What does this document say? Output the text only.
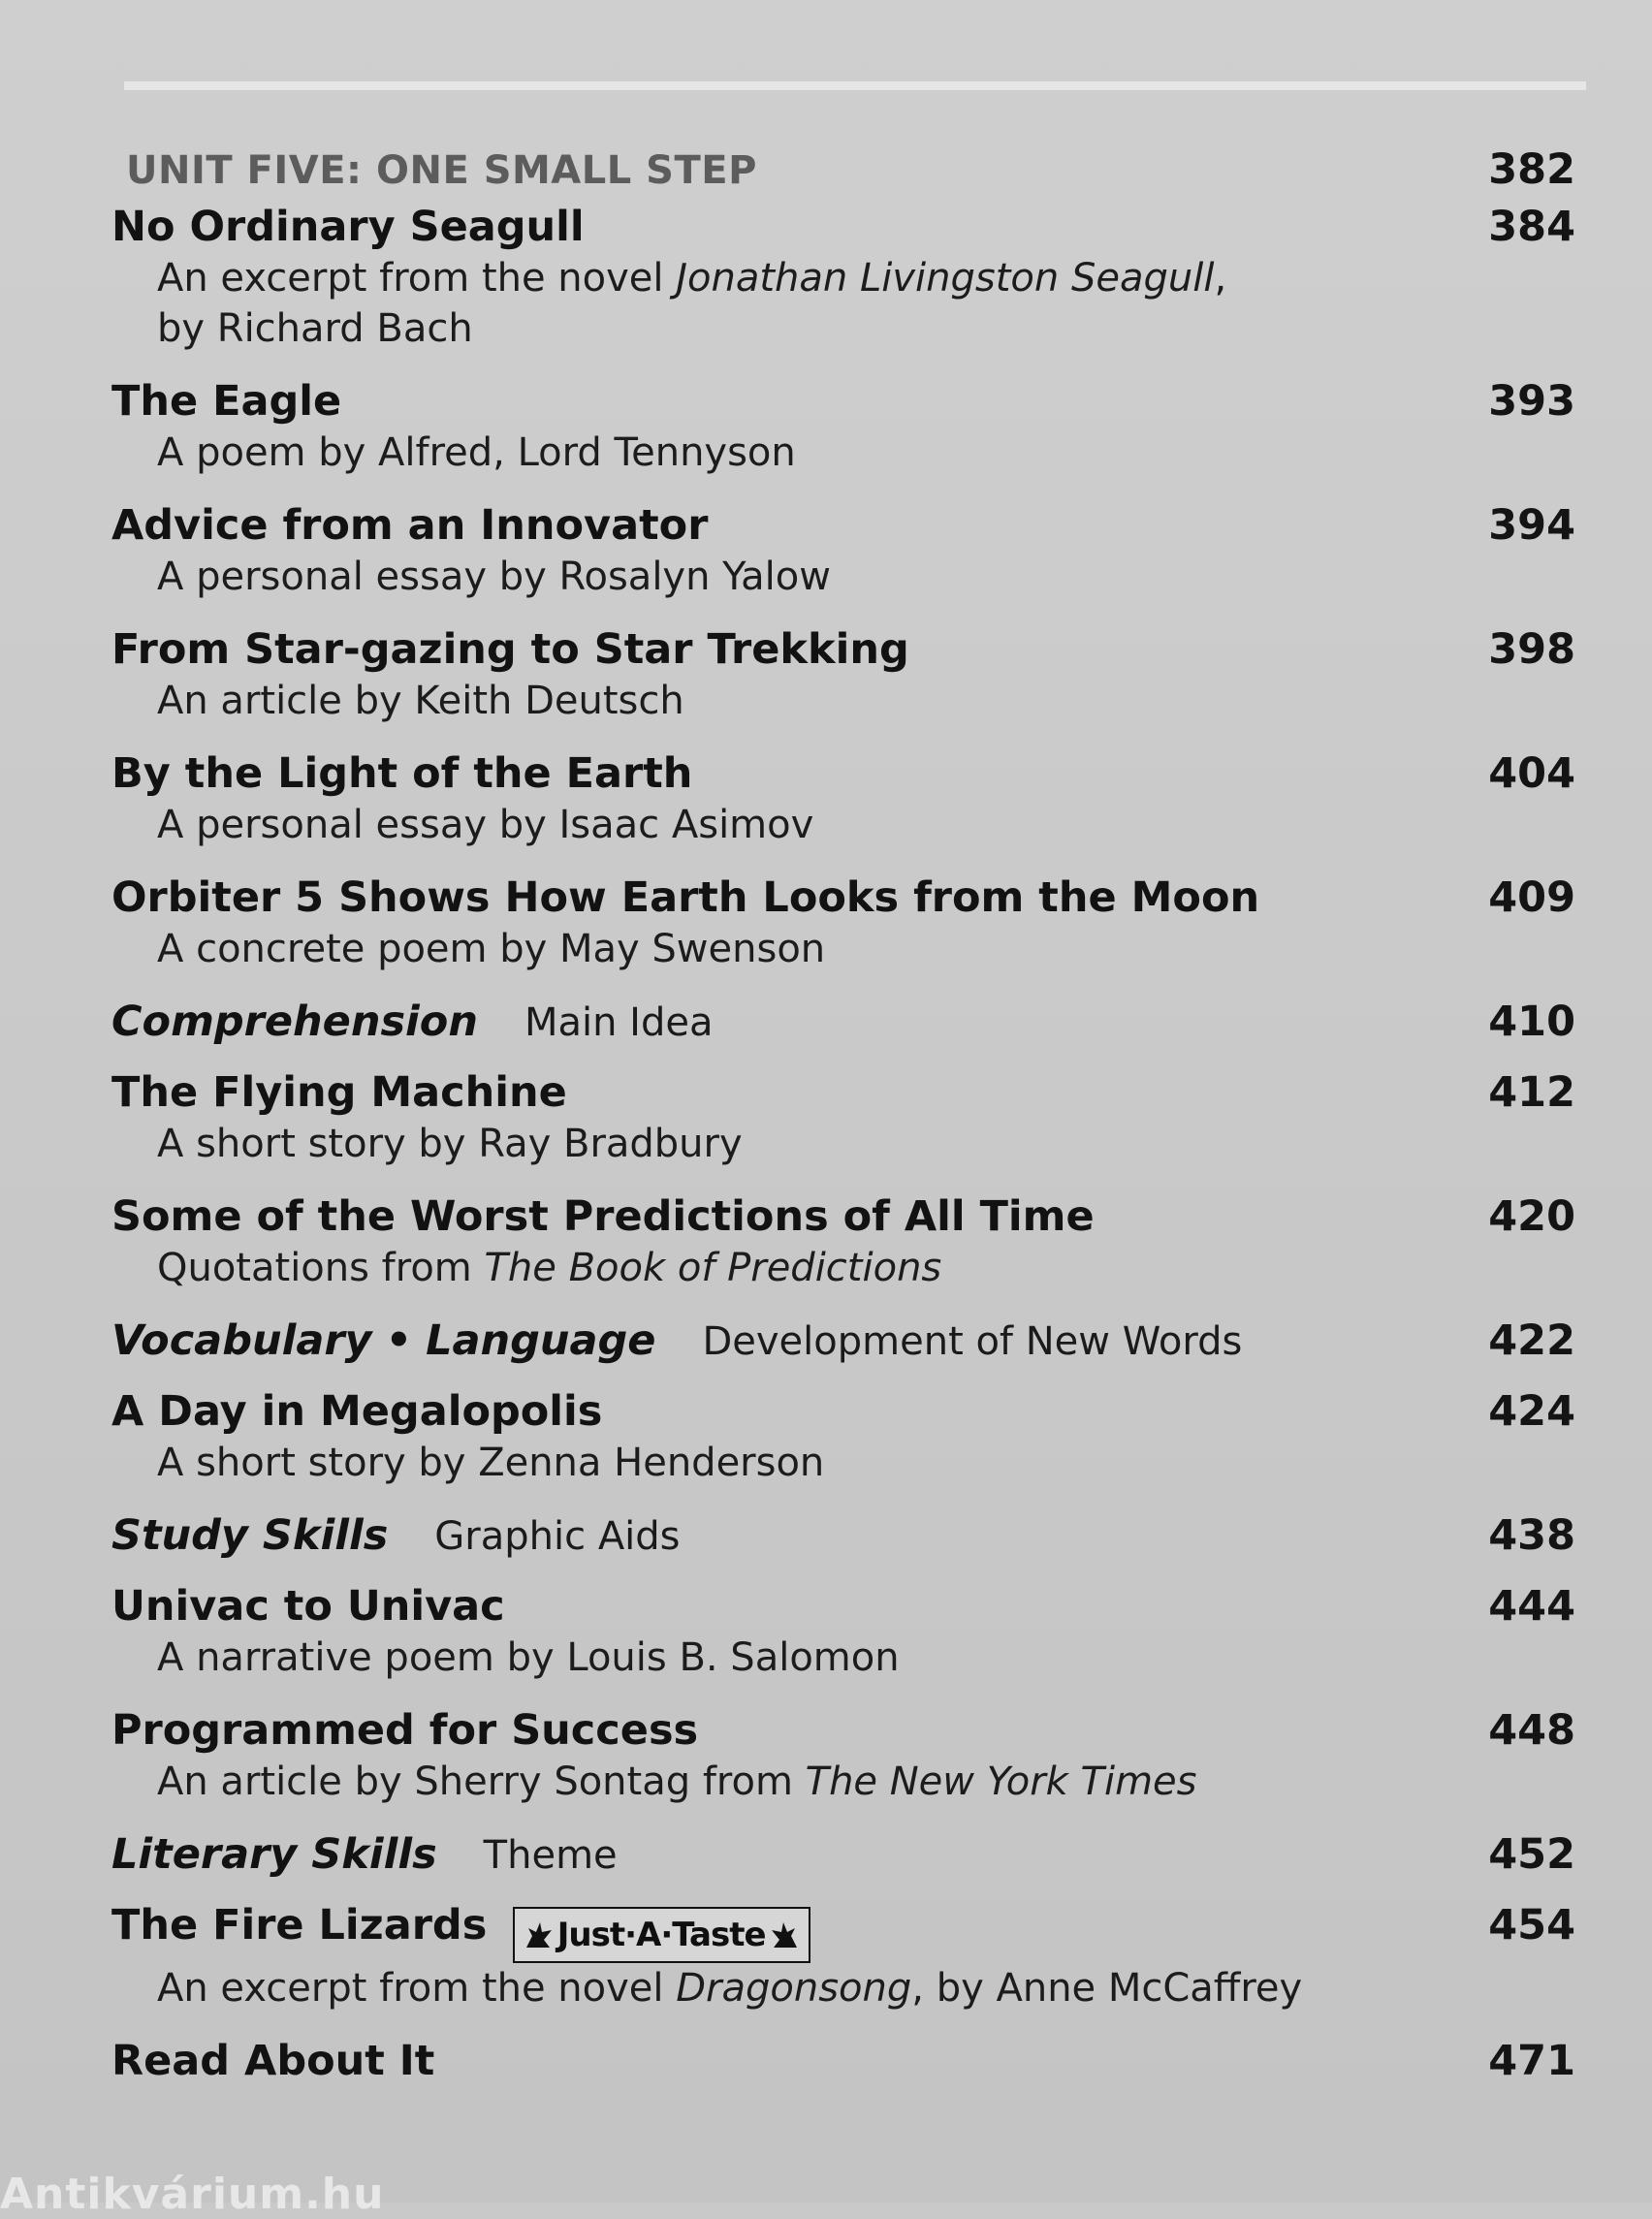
UNIT FIVE: ONE SMALL STEP	382
No Ordinary Seagull	384
An excerpt from the novel Jonathan Livingston Seagull,
by Richard Bach
The Eagle	393
A poem by Alfred, Lord Tennyson
Advice from an Innovator	394
A personal essay by Rosalyn Yalow
From Star-gazing to Star Trekking	398
An article by Keith Deutsch
By the Light of the Earth	404
A personal essay by Isaac Asimov
Orbiter 5 Shows How Earth Looks from the Moon	409
A concrete poem by May Swenson
Comprehension Main Idea	410
The Flying Machine	412
A short story by Ray Bradbury
Some of the Worst Predictions of All Time	420
Quotations from The Book of Predictions
Vocabulary • Language Development of New Words	422
A Day in Megalopolis	424
A short story by Zenna Henderson
Study Skills Graphic Aids	438
Univac to Univac	444
A narrative poem by Louis B. Salomon
Programmed for Success	448
An article by Sherry Sontag from The New York Times
Literary Skills Theme	452
The Fire Lizards Just·A·Taste	454
An excerpt from the novel Dragonsong, by Anne McCaffrey
Read About It	471
Antikvárium.hu
